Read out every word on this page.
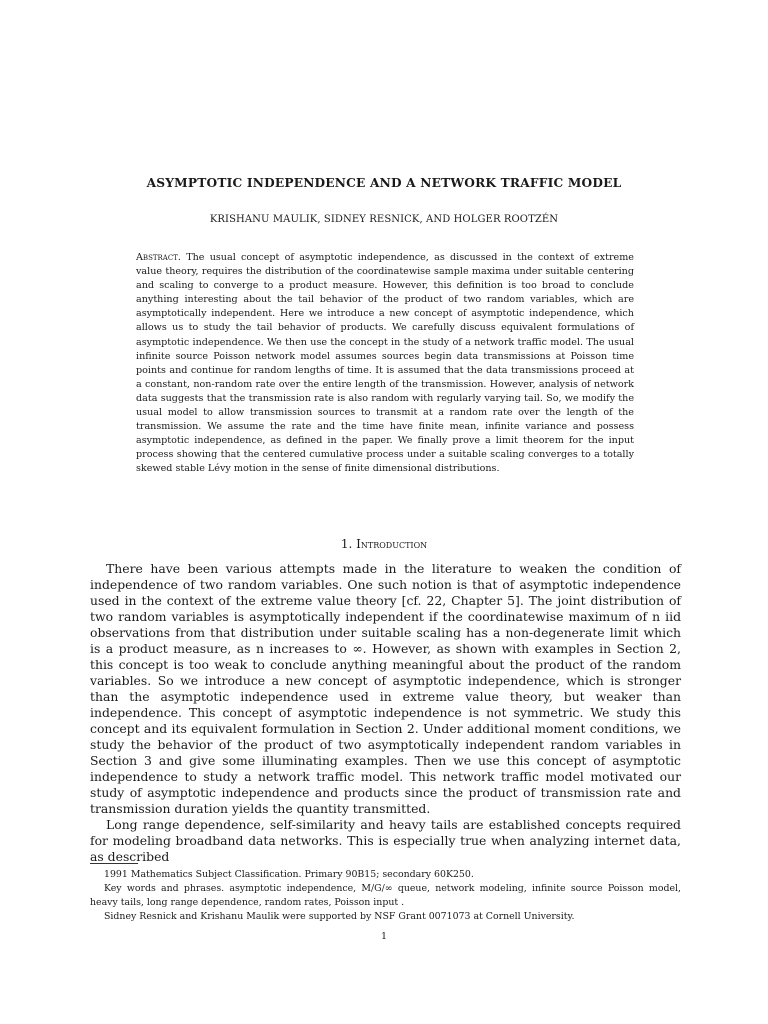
ASYMPTOTIC INDEPENDENCE AND A NETWORK TRAFFIC MODEL
KRISHANU MAULIK, SIDNEY RESNICK, AND HOLGER ROOTZÉN
Abstract. The usual concept of asymptotic independence, as discussed in the context of extreme value theory, requires the distribution of the coordinatewise sample maxima under suitable centering and scaling to converge to a product measure. However, this definition is too broad to conclude anything interesting about the tail behavior of the product of two random variables, which are asymptotically independent. Here we introduce a new concept of asymptotic independence, which allows us to study the tail behavior of products. We carefully discuss equivalent formulations of asymptotic independence. We then use the concept in the study of a network traffic model. The usual infinite source Poisson network model assumes sources begin data transmissions at Poisson time points and continue for random lengths of time. It is assumed that the data transmissions proceed at a constant, non-random rate over the entire length of the transmission. However, analysis of network data suggests that the transmission rate is also random with regularly varying tail. So, we modify the usual model to allow transmission sources to transmit at a random rate over the length of the transmission. We assume the rate and the time have finite mean, infinite variance and possess asymptotic independence, as defined in the paper. We finally prove a limit theorem for the input process showing that the centered cumulative process under a suitable scaling converges to a totally skewed stable Lévy motion in the sense of finite dimensional distributions.
1. Introduction

There have been various attempts made in the literature to weaken the condition of independence of two random variables. One such notion is that of asymptotic independence used in the context of the extreme value theory [cf. 22, Chapter 5]. The joint distribution of two random variables is asymptotically independent if the coordinatewise maximum of n iid observations from that distribution under suitable scaling has a non-degenerate limit which is a product measure, as n increases to ∞. However, as shown with examples in Section 2, this concept is too weak to conclude anything meaningful about the product of the random variables. So we introduce a new concept of asymptotic independence, which is stronger than the asymptotic independence used in extreme value theory, but weaker than independence. This concept of asymptotic independence is not symmetric. We study this concept and its equivalent formulation in Section 2. Under additional moment conditions, we study the behavior of the product of two asymptotically independent random variables in Section 3 and give some illuminating examples. Then we use this concept of asymptotic independence to study a network traffic model. This network traffic model motivated our study of asymptotic independence and products since the product of transmission rate and transmission duration yields the quantity transmitted.

Long range dependence, self-similarity and heavy tails are established concepts required for modeling broadband data networks. This is especially true when analyzing internet data, as described

1991 Mathematics Subject Classification. Primary 90B15; secondary 60K250.

Key words and phrases. asymptotic independence, M/G/∞ queue, network modeling, infinite source Poisson model, heavy tails, long range dependence, random rates, Poisson input .

Sidney Resnick and Krishanu Maulik were supported by NSF Grant 0071073 at Cornell University.

1
